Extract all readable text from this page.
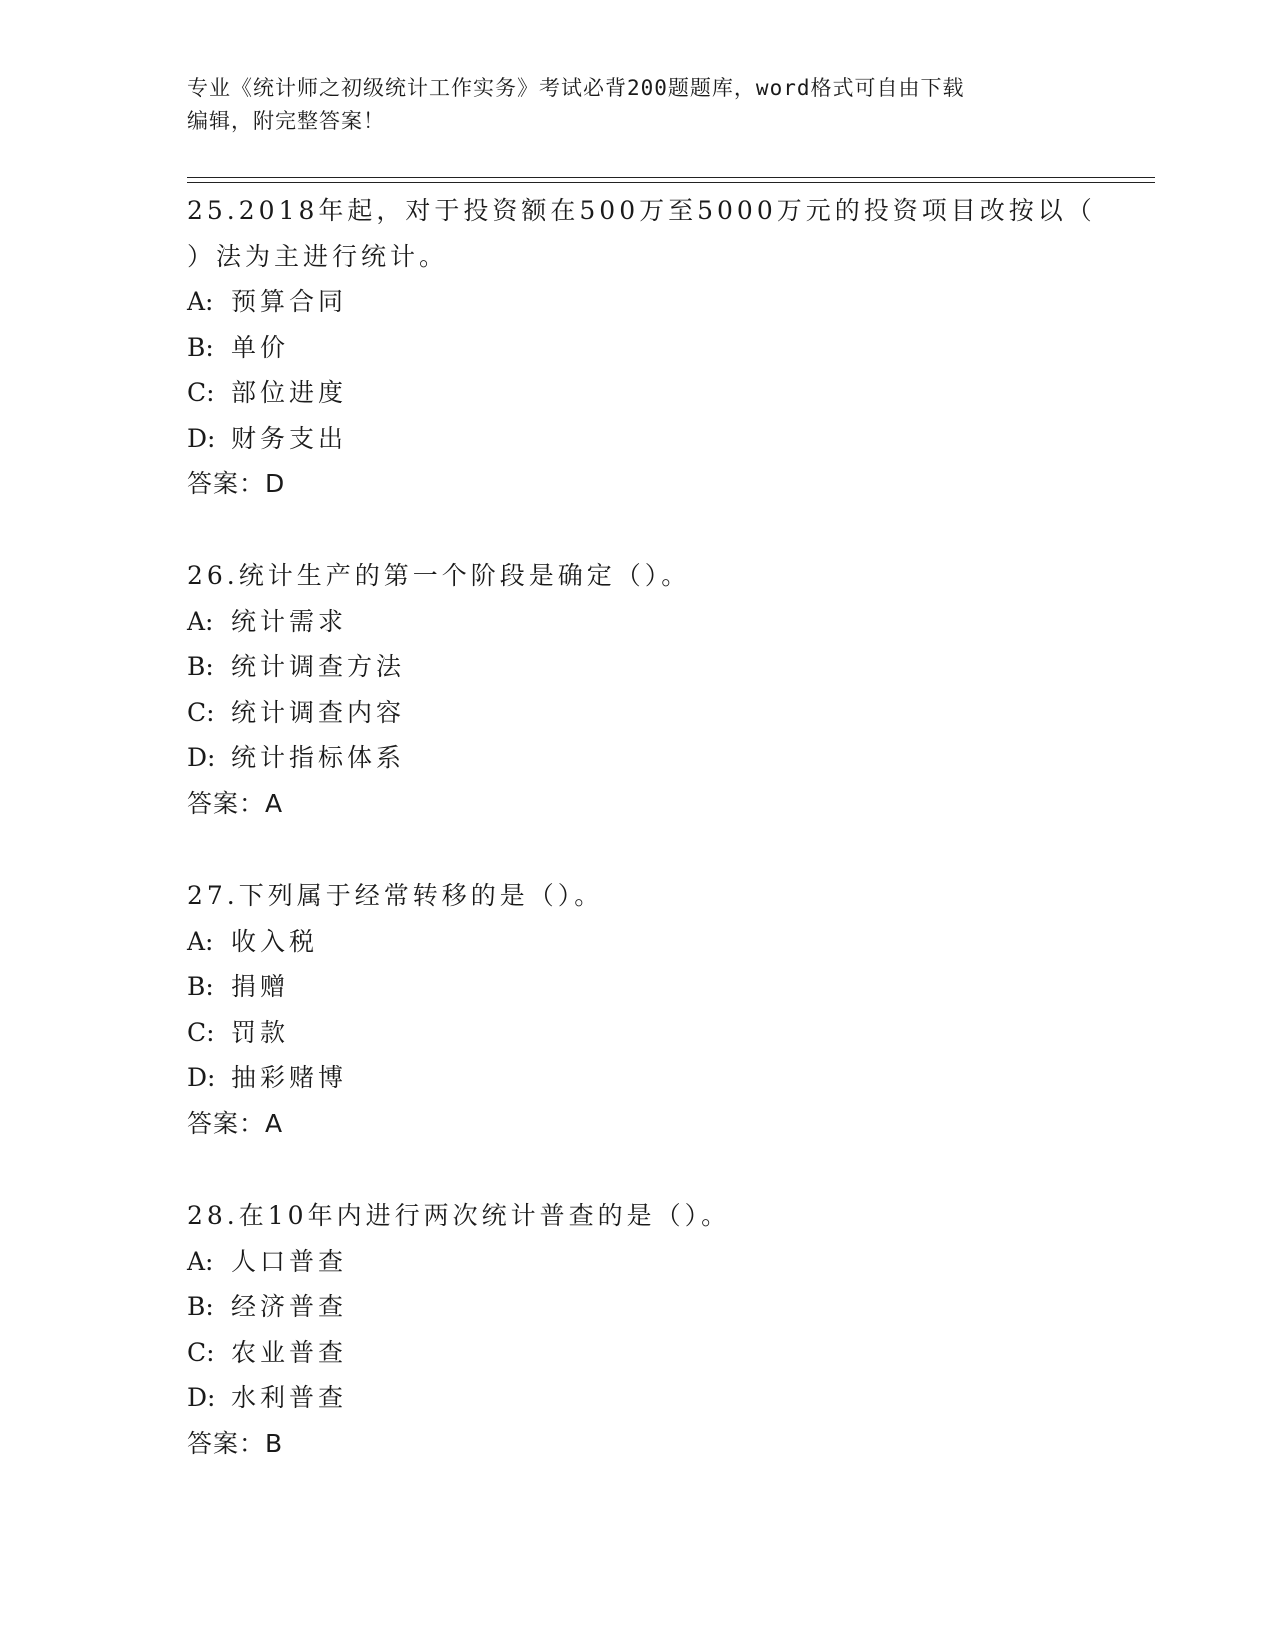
专业《统计师之初级统计工作实务》考试必背200题题库，word格式可自由下载
编辑，附完整答案！
25.2018年起，对于投资额在500万至5000万元的投资项目改按以（
）法为主进行统计。
A: 预算合同
B: 单价
C: 部位进度
D: 财务支出
答案：D
26.统计生产的第一个阶段是确定（）。
A: 统计需求
B: 统计调查方法
C: 统计调查内容
D: 统计指标体系
答案：A
27.下列属于经常转移的是（）。
A: 收入税
B: 捐赠
C: 罚款
D: 抽彩赌博
答案：A
28.在10年内进行两次统计普查的是（）。
A: 人口普查
B: 经济普查
C: 农业普查
D: 水利普查
答案：B
